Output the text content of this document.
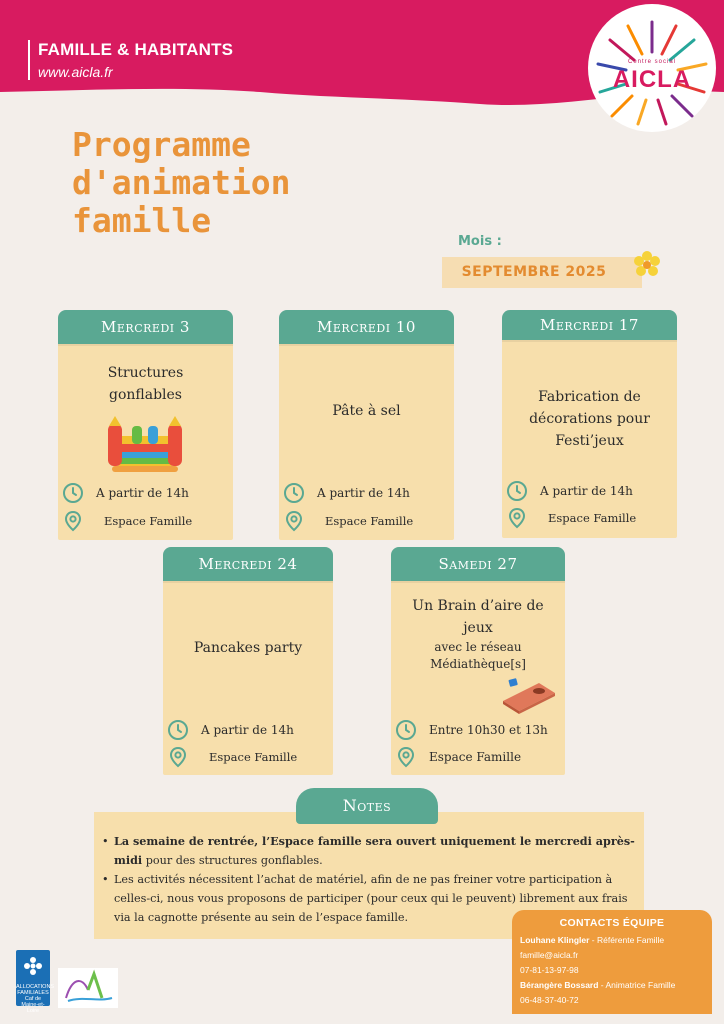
FAMILLE & HABITANTS
www.aicla.fr
Centre social
AICLA
Programme
d'animation
famille
Mois :
SEPTEMBRE 2025
Mercredi 3
Structures
gonflables
A partir de 14h
Espace Famille
Mercredi 10
Pâte à sel
A partir de 14h
Espace Famille
Mercredi 17
Fabrication de
décorations pour
Festi’jeux
A partir de 14h
Espace Famille
Mercredi 24
Pancakes party
A partir de 14h
Espace Famille
Samedi 27
Un Brain d’aire de
jeux
avec le réseau
Médiathèque[s]
Entre 10h30 et 13h
Espace Famille
Notes
• La semaine de rentrée, l’Espace famille sera ouvert uniquement le mercredi après-midi pour des structures gonflables.
• Les activités nécessitent l’achat de matériel, afin de ne pas freiner votre participation à celles-ci, nous vous proposons de participer (pour ceux qui le peuvent) librement aux frais via la cagnotte présente au sein de l’espace famille.	CONTACTS ÉQUIPE
Louhane Klingler - Référente Famille
famille@aicla.fr
07-81-13-97-98
Bérangère Bossard - Animatrice Famille
06-48-37-40-72
ALLOCATIONS FAMILIALES Caf de Maine-et-Loire
